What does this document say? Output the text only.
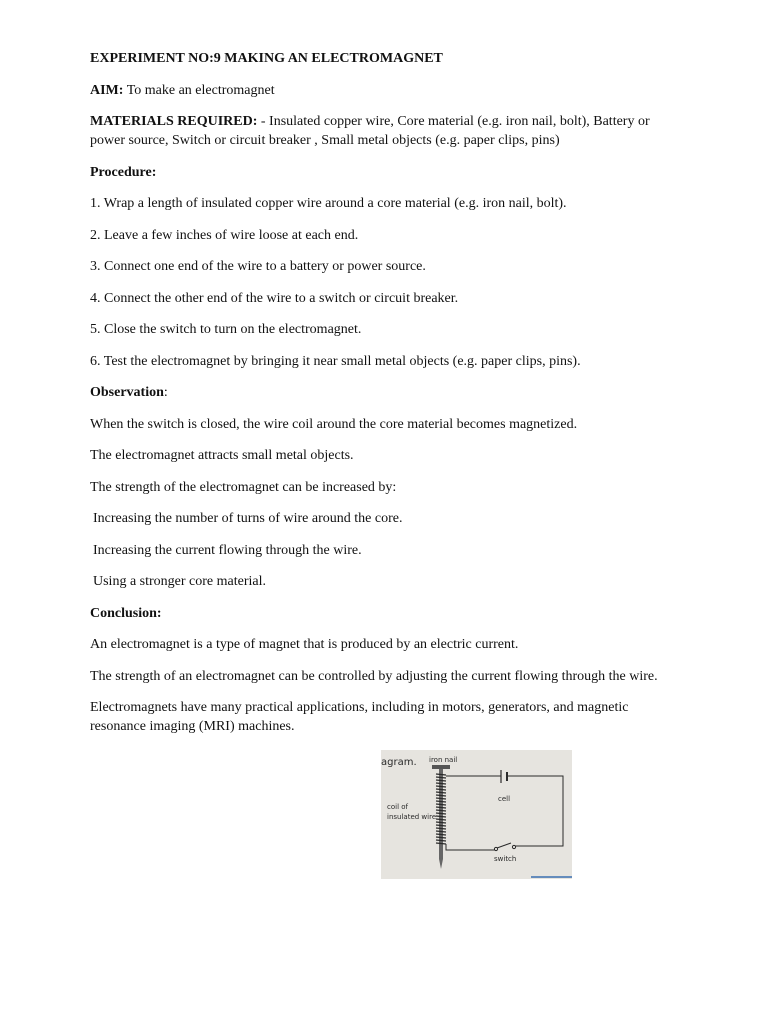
EXPERIMENT NO:9 MAKING AN ELECTROMAGNET
AIM: To make an electromagnet
MATERIALS REQUIRED: - Insulated copper wire, Core material (e.g. iron nail, bolt), Battery or power source, Switch or circuit breaker , Small metal objects (e.g. paper clips, pins)
Procedure:
1. Wrap a length of insulated copper wire around a core material (e.g. iron nail, bolt).
2. Leave a few inches of wire loose at each end.
3. Connect one end of the wire to a battery or power source.
4. Connect the other end of the wire to a switch or circuit breaker.
5. Close the switch to turn on the electromagnet.
6. Test the electromagnet by bringing it near small metal objects (e.g. paper clips, pins).
Observation:
When the switch is closed, the wire coil around the core material becomes magnetized.
The electromagnet attracts small metal objects.
The strength of the electromagnet can be increased by:
Increasing the number of turns of wire around the core.
Increasing the current flowing through the wire.
Using a stronger core material.
Conclusion:
An electromagnet is a type of magnet that is produced by an electric current.
The strength of an electromagnet can be controlled by adjusting the current flowing through the wire.
Electromagnets have many practical applications, including in motors, generators, and magnetic resonance imaging (MRI) machines.
agram. iron nail
cell
coil of
insulated wire
switch
